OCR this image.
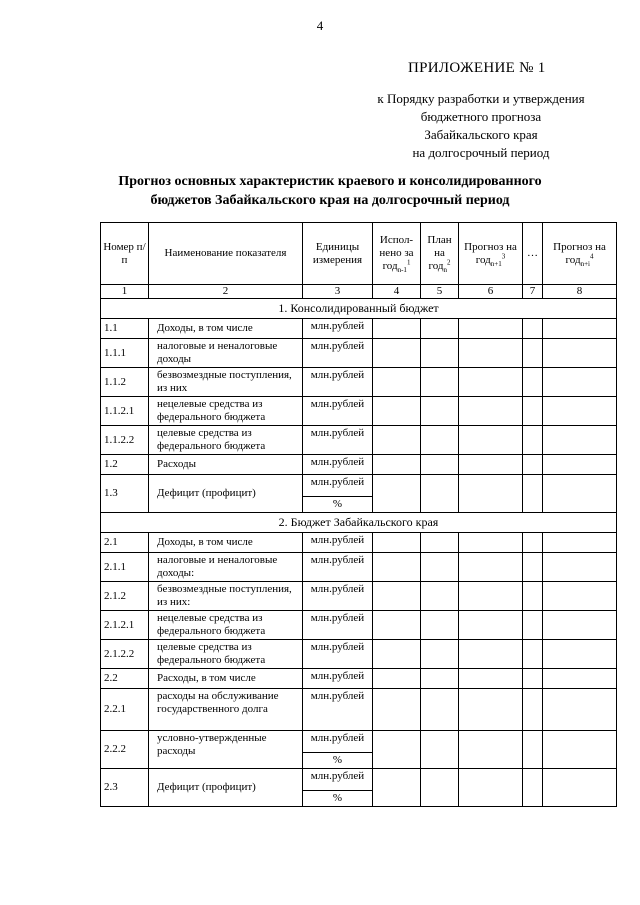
4
ПРИЛОЖЕНИЕ № 1
к Порядку разработки и утверждения
бюджетного прогноза
Забайкальского края
на долгосрочный период
Прогноз основных характеристик краевого и консолидированного
бюджетов Забайкальского края на долгосрочный период
Номер п/п	Наименование показателя	Единицы измерения	Испол-нено за год$_{n-1}^1$	План на год$_n^2$	Прогноз на год$_{n+1}^3$	…	Прогноз на год$_{n+i}^4$
1	2	3	4	5	6	7	8
1. Консолидированный бюджет							
1.1	Доходы, в том числе	млн.рублей					
1.1.1	налоговые и неналоговые доходы	млн.рублей					
1.1.2	безвозмездные поступления, из них	млн.рублей					
1.1.2.1	нецелевые средства из федерального бюджета	млн.рублей					
1.1.2.2	целевые средства из федерального бюджета	млн.рублей					
1.2	Расходы	млн.рублей					
1.3	Дефицит (профицит)	млн.рублей					
		%					
2. Бюджет Забайкальского края							
2.1	Доходы, в том числе	млн.рублей					
2.1.1	налоговые и неналоговые доходы:	млн.рублей					
2.1.2	безвозмездные поступления, из них:	млн.рублей					
2.1.2.1	нецелевые средства из федерального бюджета	млн.рублей					
2.1.2.2	целевые средства из федерального бюджета	млн.рублей					
2.2	Расходы, в том числе	млн.рублей					
2.2.1	расходы на обслуживание государственного долга	млн.рублей					
2.2.2	условно-утвержденные расходы	млн.рублей					
		%					
2.3	Дефицит (профицит)	млн.рублей					
		%					
